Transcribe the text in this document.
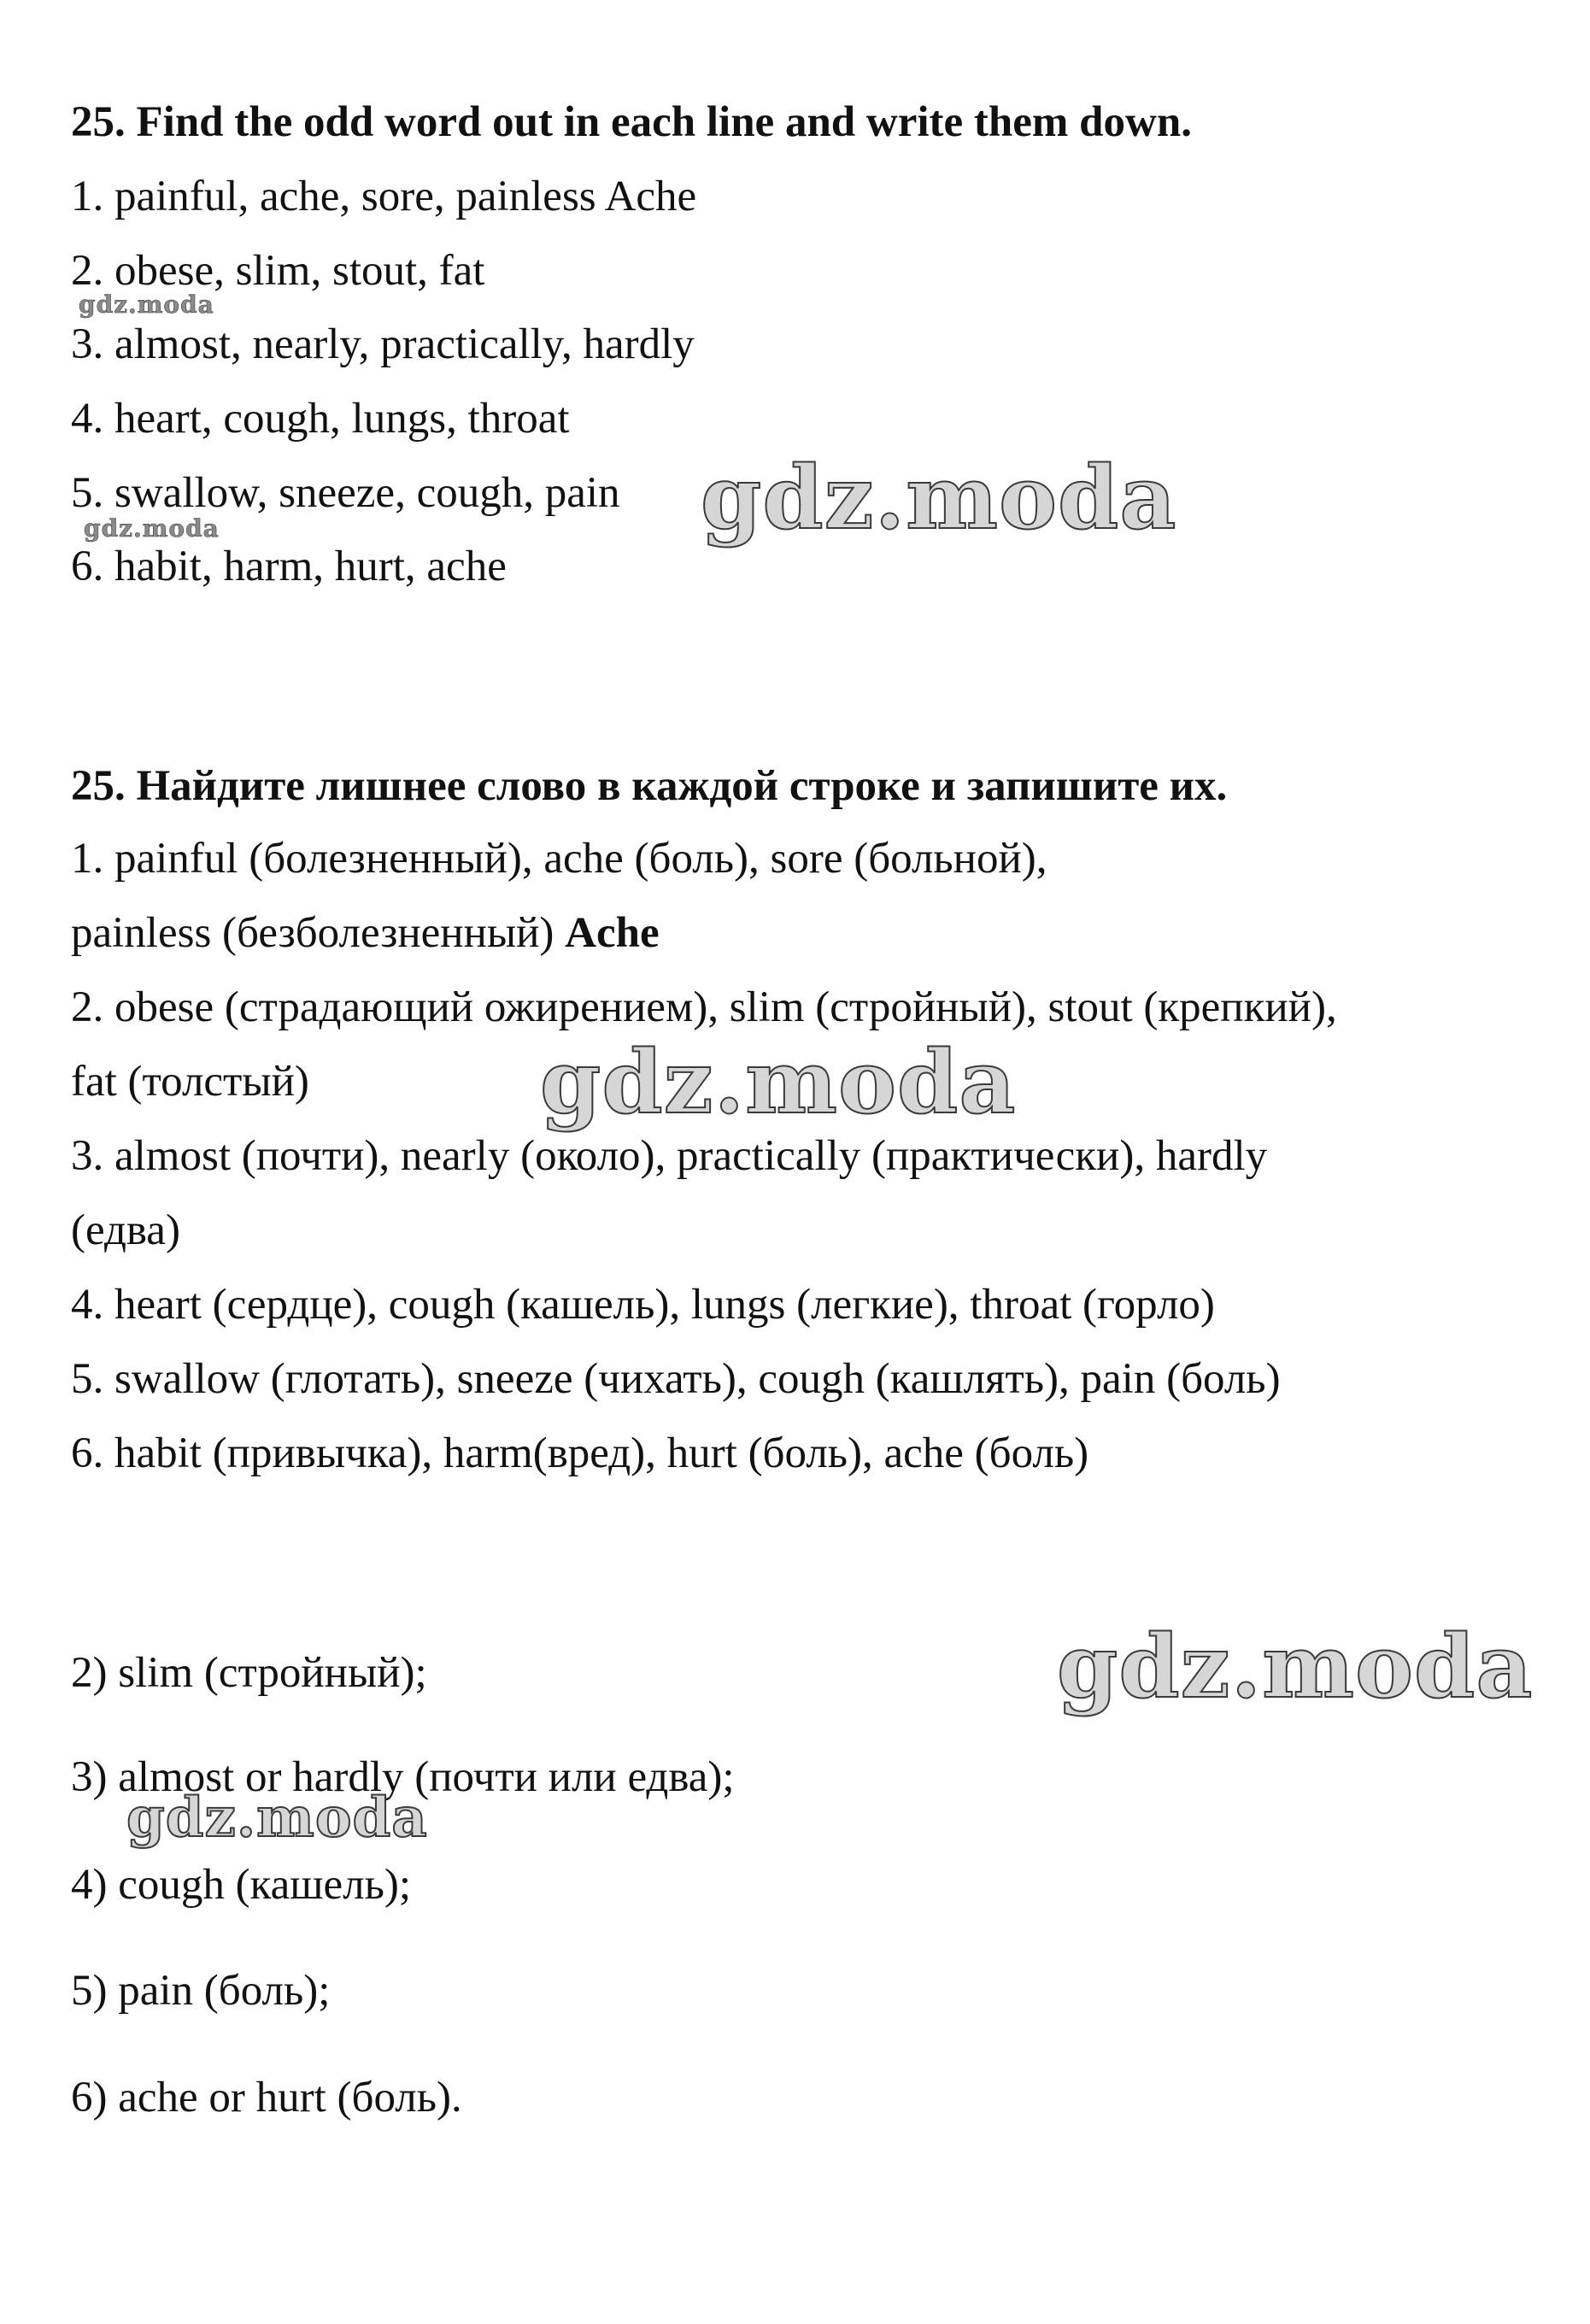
25. Find the odd word out in each line and write them down.
1. painful, ache, sore, painless Ache
2. obese, slim, stout, fat
3. almost, nearly, practically, hardly
4. heart, cough, lungs, throat
5. swallow, sneeze, cough, pain
6. habit, harm, hurt, ache
25. Найдите лишнее слово в каждой строке и запишите их.
1. painful (болезненный), ache (боль), sore (больной),
painless (безболезненный) Ache
2. obese (страдающий ожирением), slim (стройный), stout (крепкий),
fat (толстый)
3. almost (почти), nearly (около), practically (практически), hardly
(едва)
4. heart (сердце), cough (кашель), lungs (легкие), throat (горло)
5. swallow (глотать), sneeze (чихать), cough (кашлять), pain (боль)
6. habit (привычка), harm(вред), hurt (боль), ache (боль)
2) slim (стройный);
3) almost or hardly (почти или едва);
4) cough (кашель);
5) pain (боль);
6) ache or hurt (боль).
gdz.moda
gdz.moda	gdz.moda
gdz.moda
gdz.moda
gdz.moda
